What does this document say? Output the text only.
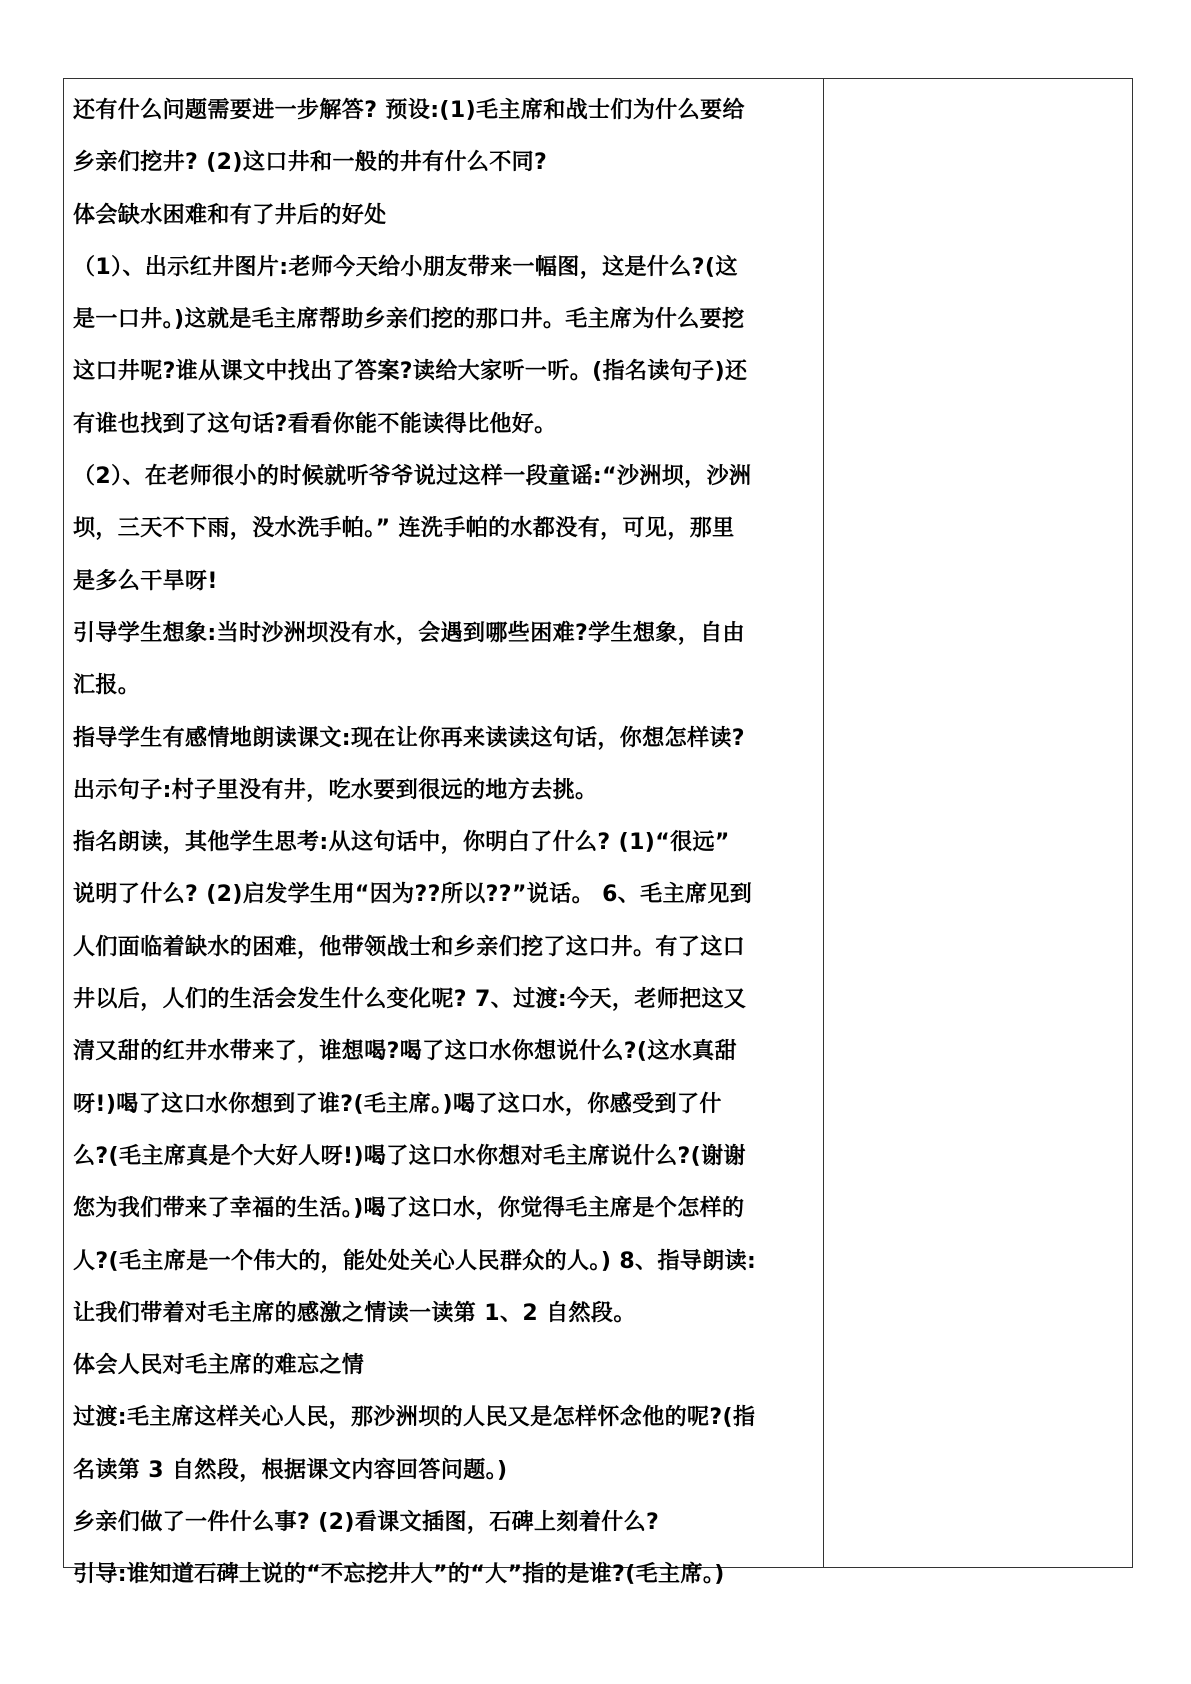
还有什么问题需要进一步解答? 预设:(1)毛主席和战士们为什么要给
乡亲们挖井? (2)这口井和一般的井有什么不同?
体会缺水困难和有了井后的好处
（1）、出示红井图片:老师今天给小朋友带来一幅图，这是什么?(这
是一口井。)这就是毛主席帮助乡亲们挖的那口井。毛主席为什么要挖
这口井呢?谁从课文中找出了答案?读给大家听一听。(指名读句子)还
有谁也找到了这句话?看看你能不能读得比他好。
（2）、在老师很小的时候就听爷爷说过这样一段童谣:“沙洲坝，沙洲
坝，三天不下雨，没水洗手帕。” 连洗手帕的水都没有，可见，那里
是多么干旱呀!
引导学生想象:当时沙洲坝没有水，会遇到哪些困难?学生想象，自由
汇报。
指导学生有感情地朗读课文:现在让你再来读读这句话，你想怎样读?
出示句子:村子里没有井，吃水要到很远的地方去挑。
指名朗读，其他学生思考:从这句话中，你明白了什么? (1)“很远”
说明了什么? (2)启发学生用“因为??所以??”说话。 6、毛主席见到
人们面临着缺水的困难，他带领战士和乡亲们挖了这口井。有了这口
井以后，人们的生活会发生什么变化呢? 7、过渡:今天，老师把这又
清又甜的红井水带来了，谁想喝?喝了这口水你想说什么?(这水真甜
呀!)喝了这口水你想到了谁?(毛主席。)喝了这口水，你感受到了什
么?(毛主席真是个大好人呀!)喝了这口水你想对毛主席说什么?(谢谢
您为我们带来了幸福的生活。)喝了这口水，你觉得毛主席是个怎样的
人?(毛主席是一个伟大的，能处处关心人民群众的人。) 8、指导朗读:
让我们带着对毛主席的感激之情读一读第 1、2 自然段。
体会人民对毛主席的难忘之情
过渡:毛主席这样关心人民，那沙洲坝的人民又是怎样怀念他的呢?(指
名读第 3 自然段，根据课文内容回答问题。)
乡亲们做了一件什么事? (2)看课文插图，石碑上刻着什么?
引导:谁知道石碑上说的“不忘挖井人”的“人”指的是谁?(毛主席。)
